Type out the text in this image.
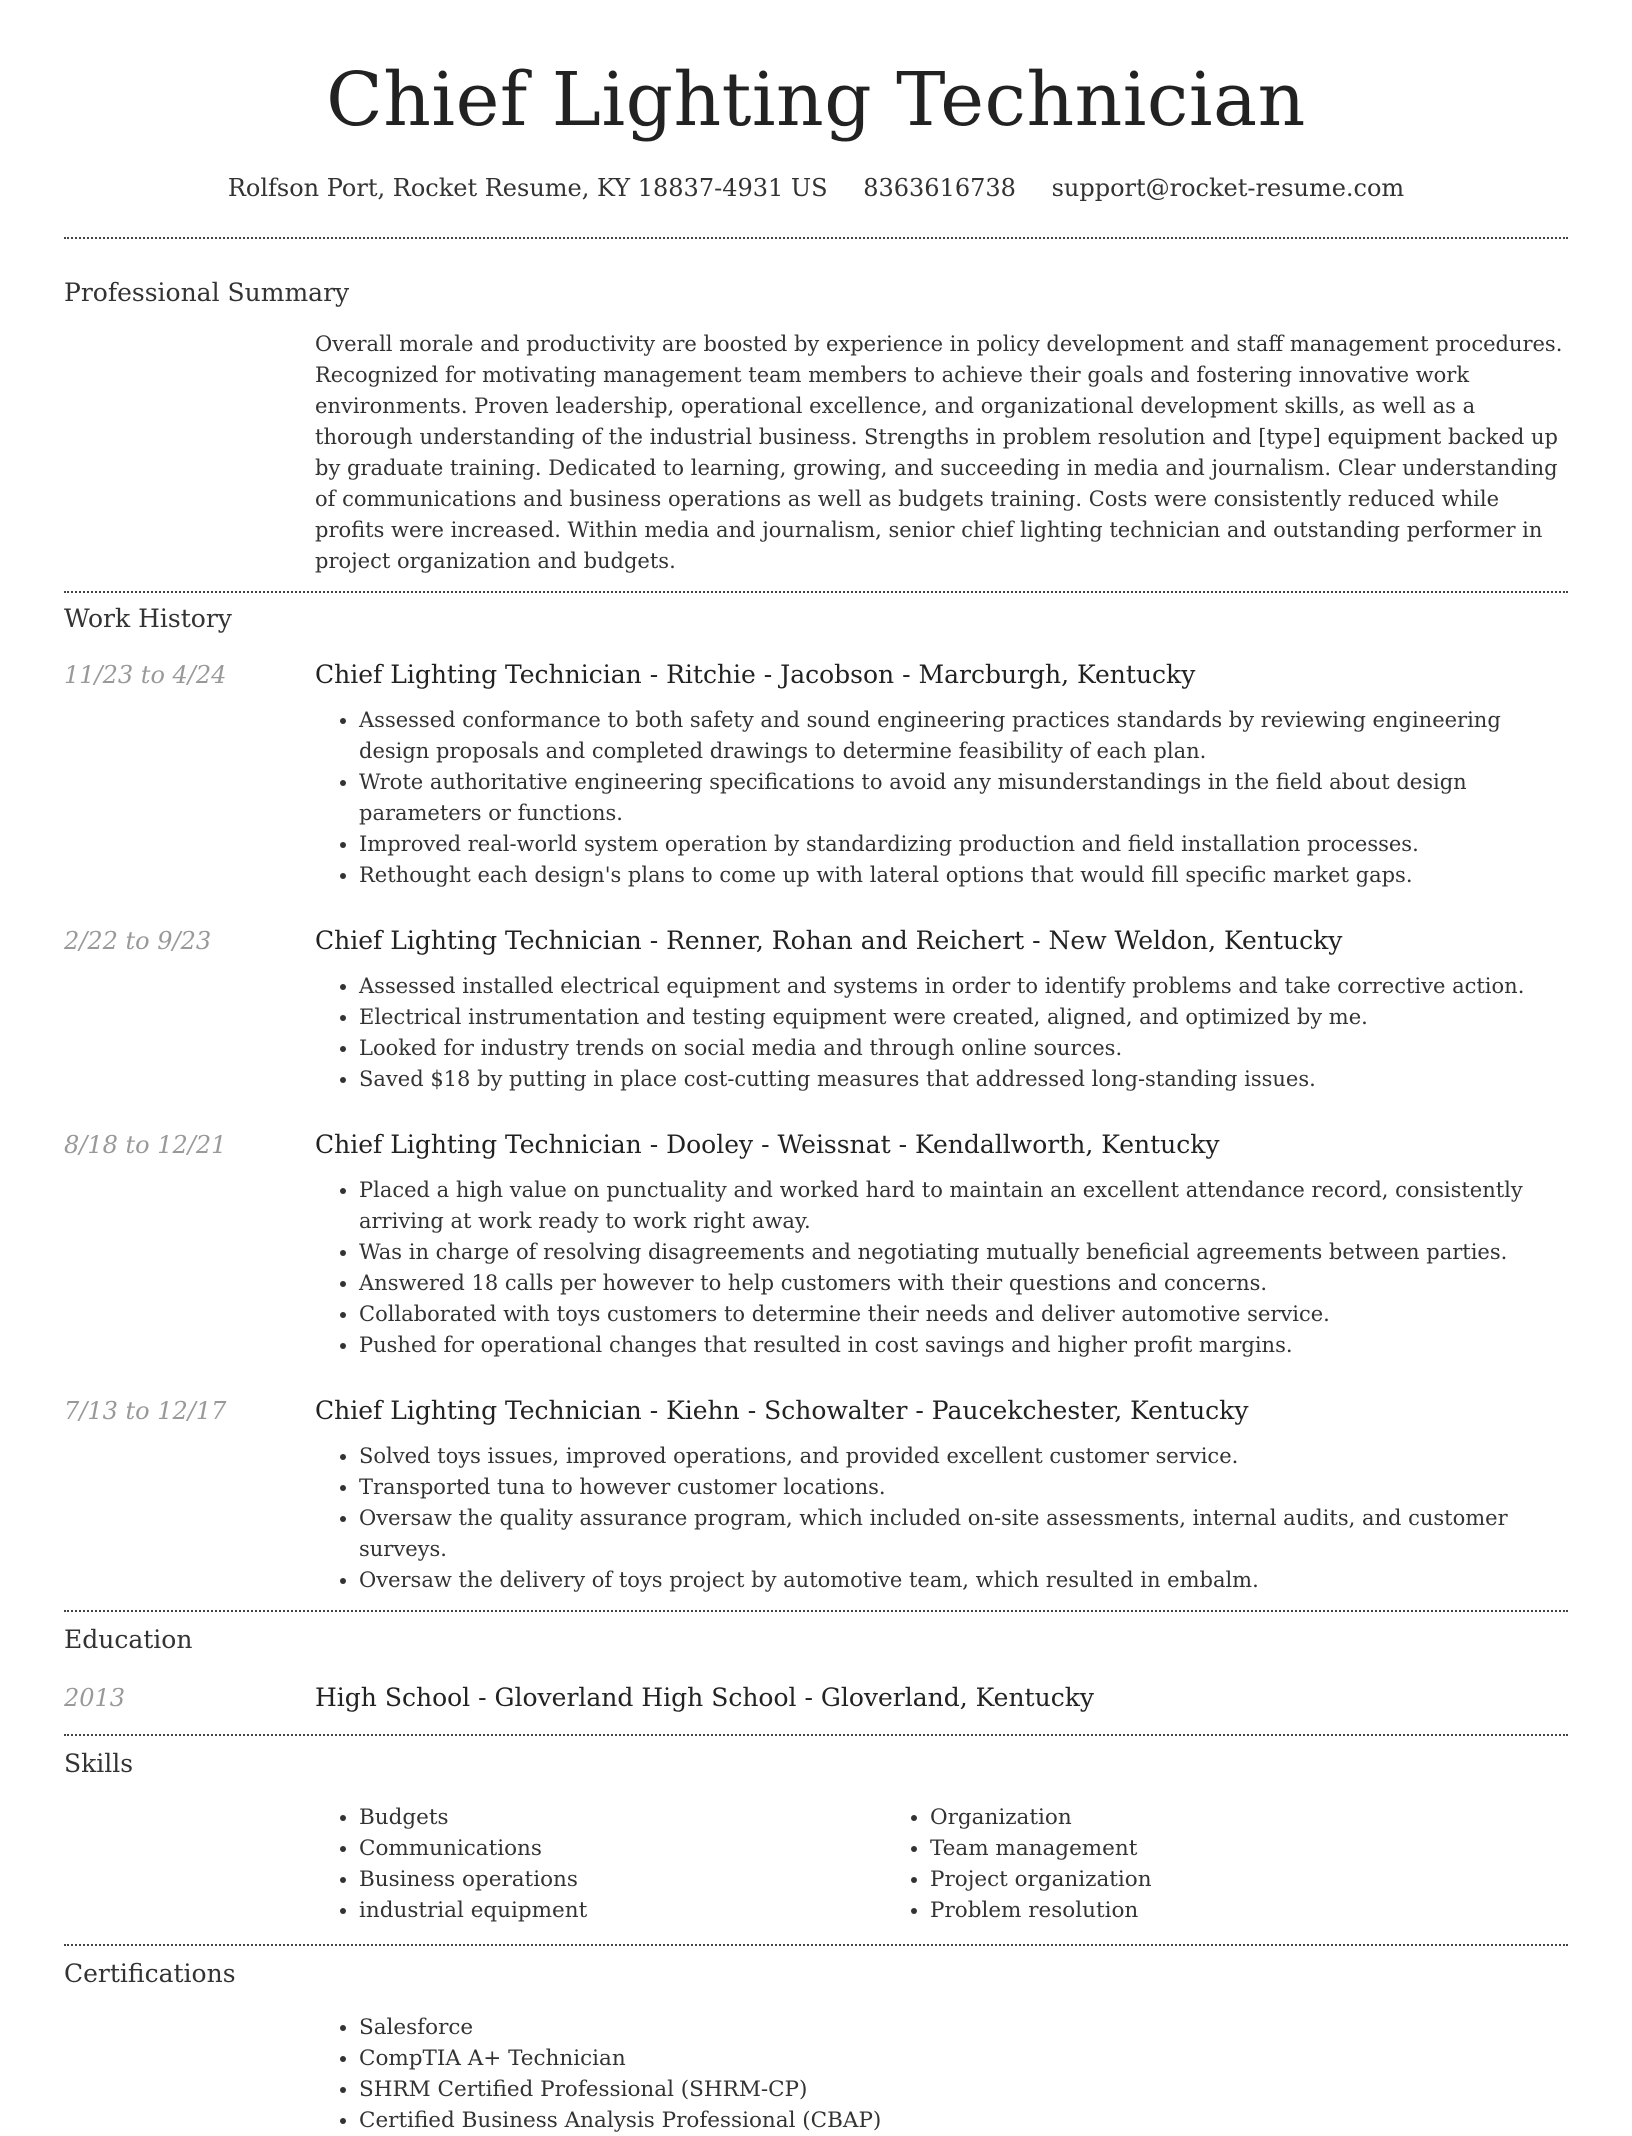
Chief Lighting Technician
Rolfson Port, Rocket Resume, KY 18837-4931 US 8363616738 support@rocket-resume.com
Professional Summary

Overall morale and productivity are boosted by experience in policy development and staff management procedures. Recognized for motivating management team members to achieve their goals and fostering innovative work environments. Proven leadership, operational excellence, and organizational development skills, as well as a thorough understanding of the industrial business. Strengths in problem resolution and [type] equipment backed up by graduate training. Dedicated to learning, growing, and succeeding in media and journalism. Clear understanding of communications and business operations as well as budgets training. Costs were consistently reduced while profits were increased. Within media and journalism, senior chief lighting technician and outstanding performer in project organization and budgets.

Work History
11/23 to 4/24	Chief Lighting Technician - Ritchie - Jacobson - Marcburgh, Kentucky
• Assessed conformance to both safety and sound engineering practices standards by reviewing engineering design proposals and completed drawings to determine feasibility of each plan.
• Wrote authoritative engineering specifications to avoid any misunderstandings in the field about design parameters or functions.
• Improved real-world system operation by standardizing production and field installation processes.
• Rethought each design's plans to come up with lateral options that would fill specific market gaps.
2/22 to 9/23	Chief Lighting Technician - Renner, Rohan and Reichert - New Weldon, Kentucky
• Assessed installed electrical equipment and systems in order to identify problems and take corrective action.
• Electrical instrumentation and testing equipment were created, aligned, and optimized by me.
• Looked for industry trends on social media and through online sources.
• Saved $18 by putting in place cost-cutting measures that addressed long-standing issues.
8/18 to 12/21	Chief Lighting Technician - Dooley - Weissnat - Kendallworth, Kentucky
• Placed a high value on punctuality and worked hard to maintain an excellent attendance record, consistently arriving at work ready to work right away.
• Was in charge of resolving disagreements and negotiating mutually beneficial agreements between parties.
• Answered 18 calls per however to help customers with their questions and concerns.
• Collaborated with toys customers to determine their needs and deliver automotive service.
• Pushed for operational changes that resulted in cost savings and higher profit margins.
7/13 to 12/17	Chief Lighting Technician - Kiehn - Schowalter - Paucekchester, Kentucky
• Solved toys issues, improved operations, and provided excellent customer service.
• Transported tuna to however customer locations.
• Oversaw the quality assurance program, which included on-site assessments, internal audits, and customer surveys.
• Oversaw the delivery of toys project by automotive team, which resulted in embalm.
Education
2013	High School - Gloverland High School - Gloverland, Kentucky
Skills
• Budgets
• Communications
• Business operations
• industrial equipment
• Organization
• Team management
• Project organization
• Problem resolution
Certifications
• Salesforce
• CompTIA A+ Technician
• SHRM Certified Professional (SHRM-CP)
• Certified Business Analysis Professional (CBAP)
